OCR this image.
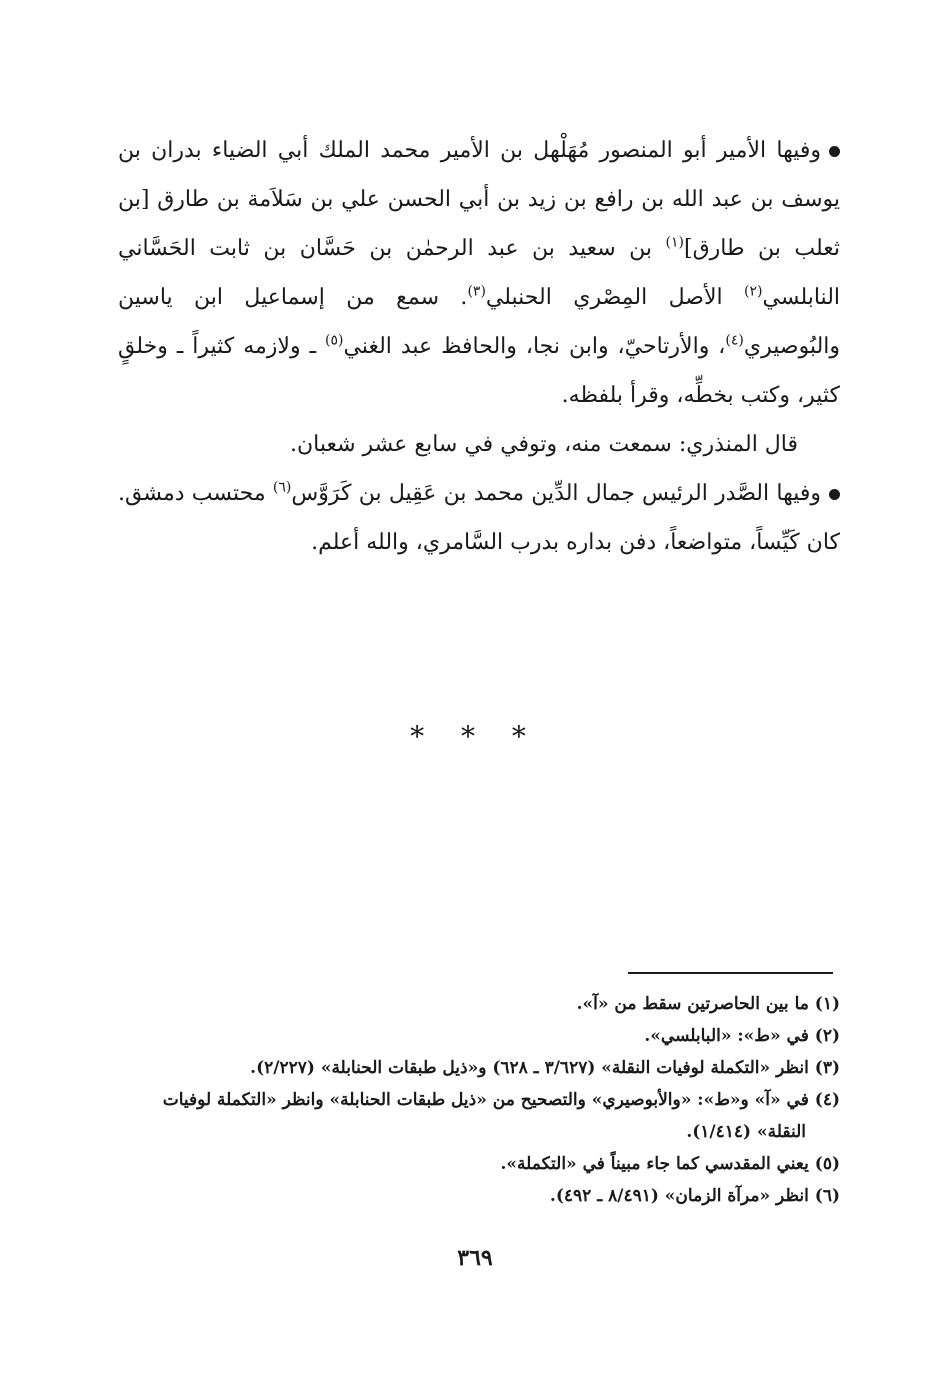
وفيها الأمير أبو المنصور مُهَلْهل بن الأمير محمد الملك أبي الضياء بدران بن يوسف بن عبد الله بن رافع بن زيد بن أبي الحسن علي بن سَلاَمة بن طارق [بن ثعلب بن طارق]$^{(١)}$ بن سعيد بن عبد الرحمٰن بن حَسَّان بن ثابت الحَسَّاني النابلسي$^{(٢)}$ الأصل المِصْري الحنبلي$^{(٣)}$. سمع من إسماعيل ابن ياسين والبُوصيري$^{(٤)}$، والأرتاحيّ، وابن نجا، والحافظ عبد الغني$^{(٥)}$ ـ ولازمه كثيراً ـ وخلقٍ كثير، وكتب بخطِّه، وقرأ بلفظه.

قال المنذري: سمعت منه، وتوفي في سابع عشر شعبان.

وفيها الصَّدر الرئيس جمال الدِّين محمد بن عَقِيل بن كَرَوَّس$^{(٦)}$ محتسب دمشق. كان كَيِّساً، متواضعاً، دفن بداره بدرب السَّامري، والله أعلم.

* * *

(١) ما بين الحاصرتين سقط من «آ».

(٢) في «ط»: «البابلسي».

(٣) انظر «التكملة لوفيات النقلة» (٣/٦٢٧ ـ ٦٢٨) و«ذيل طبقات الحنابلة» (٢/٢٢٧).

(٤) في «آ» و«ط»: «والأبوصيري» والتصحيح من «ذيل طبقات الحنابلة» وانظر «التكملة لوفيات النقلة» (١/٤١٤).

(٥) يعني المقدسي كما جاء مبيناً في «التكملة».

(٦) انظر «مرآة الزمان» (٨/٤٩١ ـ ٤٩٢).

٣٦٩
